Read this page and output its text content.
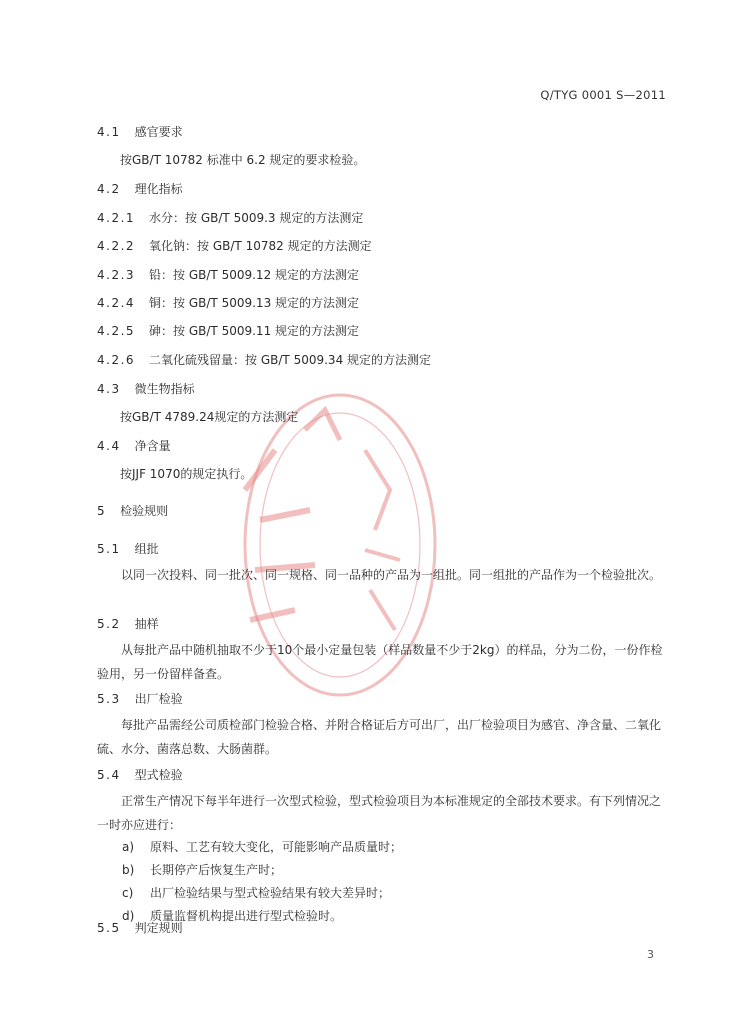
Q/TYG 0001 S—2011
4.1 感官要求
按GB/T 10782 标准中 6.2 规定的要求检验。
4.2 理化指标
4.2.1 水分：按 GB/T 5009.3 规定的方法测定
4.2.2 氧化钠：按 GB/T 10782 规定的方法测定
4.2.3 铅：按 GB/T 5009.12 规定的方法测定
4.2.4 铜：按 GB/T 5009.13 规定的方法测定
4.2.5 砷：按 GB/T 5009.11 规定的方法测定
4.2.6 二氧化硫残留量：按 GB/T 5009.34 规定的方法测定
4.3 微生物指标
按GB/T 4789.24规定的方法测定
4.4 净含量
按JJF 1070的规定执行。
5 检验规则
5.1 组批
以同一次投料、同一批次、同一规格、同一品种的产品为一组批。同一组批的产品作为一个检验批次。
5.2 抽样
从每批产品中随机抽取不少于10个最小定量包装（样品数量不少于2kg）的样品，分为二份，一份作检验用，另一份留样备查。
5.3 出厂检验
每批产品需经公司质检部门检验合格、并附合格证后方可出厂，出厂检验项目为感官、净含量、二氧化硫、水分、菌落总数、大肠菌群。
5.4 型式检验
正常生产情况下每半年进行一次型式检验，型式检验项目为本标准规定的全部技术要求。有下列情况之一时亦应进行：
a) 原料、工艺有较大变化，可能影响产品质量时；
b) 长期停产后恢复生产时；
c) 出厂检验结果与型式检验结果有较大差异时；
d) 质量监督机构提出进行型式检验时。
5.5 判定规则
3
